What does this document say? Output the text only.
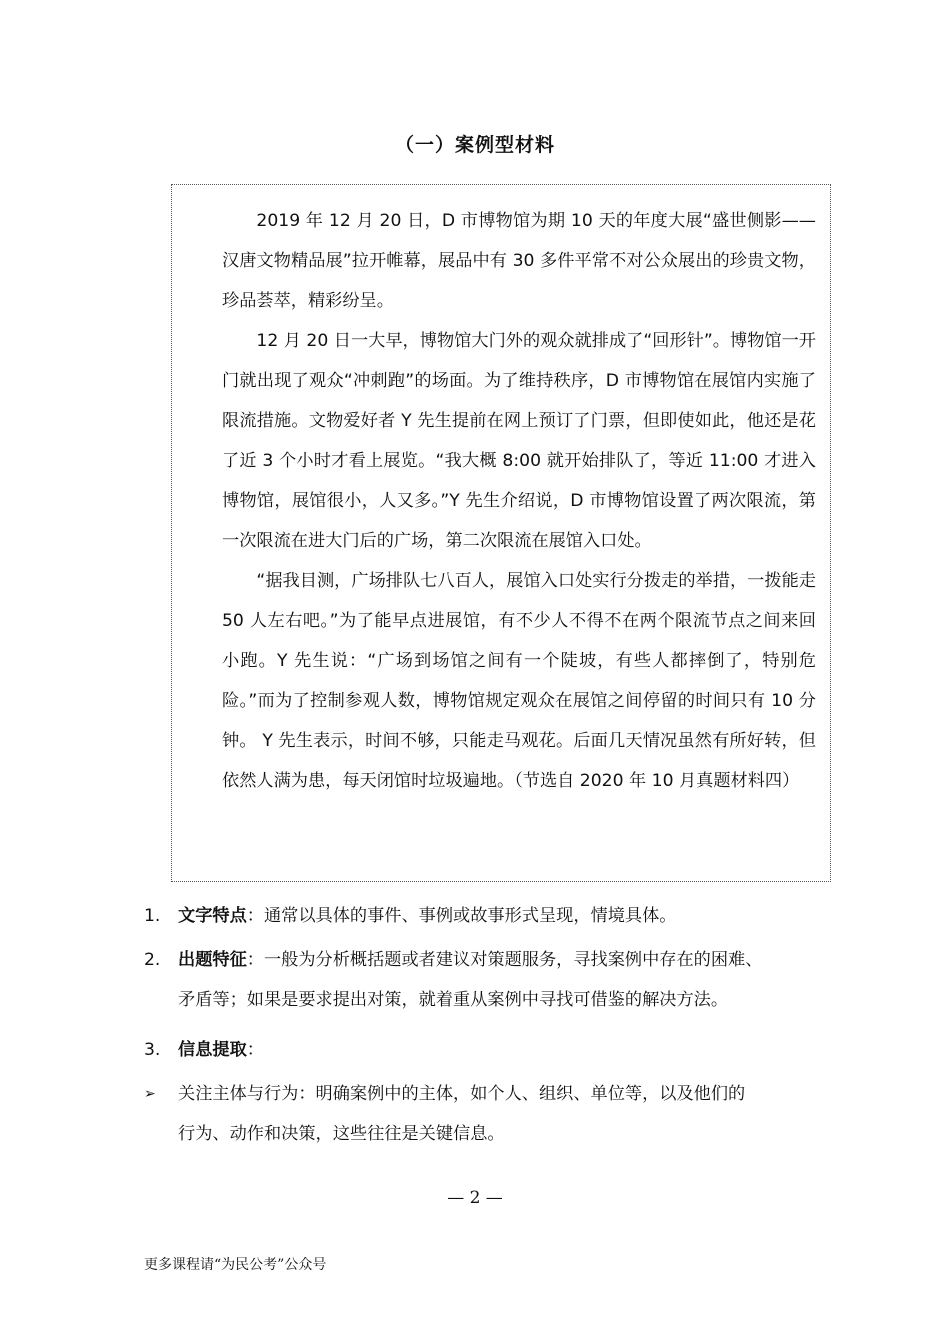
（一）案例型材料

2019 年 12 月 20 日，D 市博物馆为期 10 天的年度大展“盛世侧影——汉唐文物精品展”拉开帷幕，展品中有 30 多件平常不对公众展出的珍贵文物，珍品荟萃，精彩纷呈。

12 月 20 日一大早，博物馆大门外的观众就排成了“回形针”。博物馆一开门就出现了观众“冲刺跑”的场面。为了维持秩序，D 市博物馆在展馆内实施了限流措施。文物爱好者 Y 先生提前在网上预订了门票，但即使如此，他还是花了近 3 个小时才看上展览。“我大概 8:00 就开始排队了，等近 11:00 才进入博物馆，展馆很小，人又多。”Y 先生介绍说，D 市博物馆设置了两次限流，第一次限流在进大门后的广场，第二次限流在展馆入口处。

“据我目测，广场排队七八百人，展馆入口处实行分拨走的举措，一拨能走 50 人左右吧。”为了能早点进展馆，有不少人不得不在两个限流节点之间来回小跑。Y 先生说：“广场到场馆之间有一个陡坡，有些人都摔倒了，特别危险。”而为了控制参观人数，博物馆规定观众在展馆之间停留的时间只有 10 分钟。 Y 先生表示，时间不够，只能走马观花。后面几天情况虽然有所好转，但依然人满为患，每天闭馆时垃圾遍地。（节选自 2020 年 10 月真题材料四）

1. 文字特点：通常以具体的事件、事例或故事形式呈现，情境具体。
2. 出题特征：一般为分析概括题或者建议对策题服务，寻找案例中存在的困难、
矛盾等；如果是要求提出对策，就着重从案例中寻找可借鉴的解决方法。
3. 信息提取：
➢ 关注主体与行为：明确案例中的主体，如个人、组织、单位等，以及他们的
行为、动作和决策，这些往往是关键信息。
— 2 —
更多课程请“为民公考”公众号
